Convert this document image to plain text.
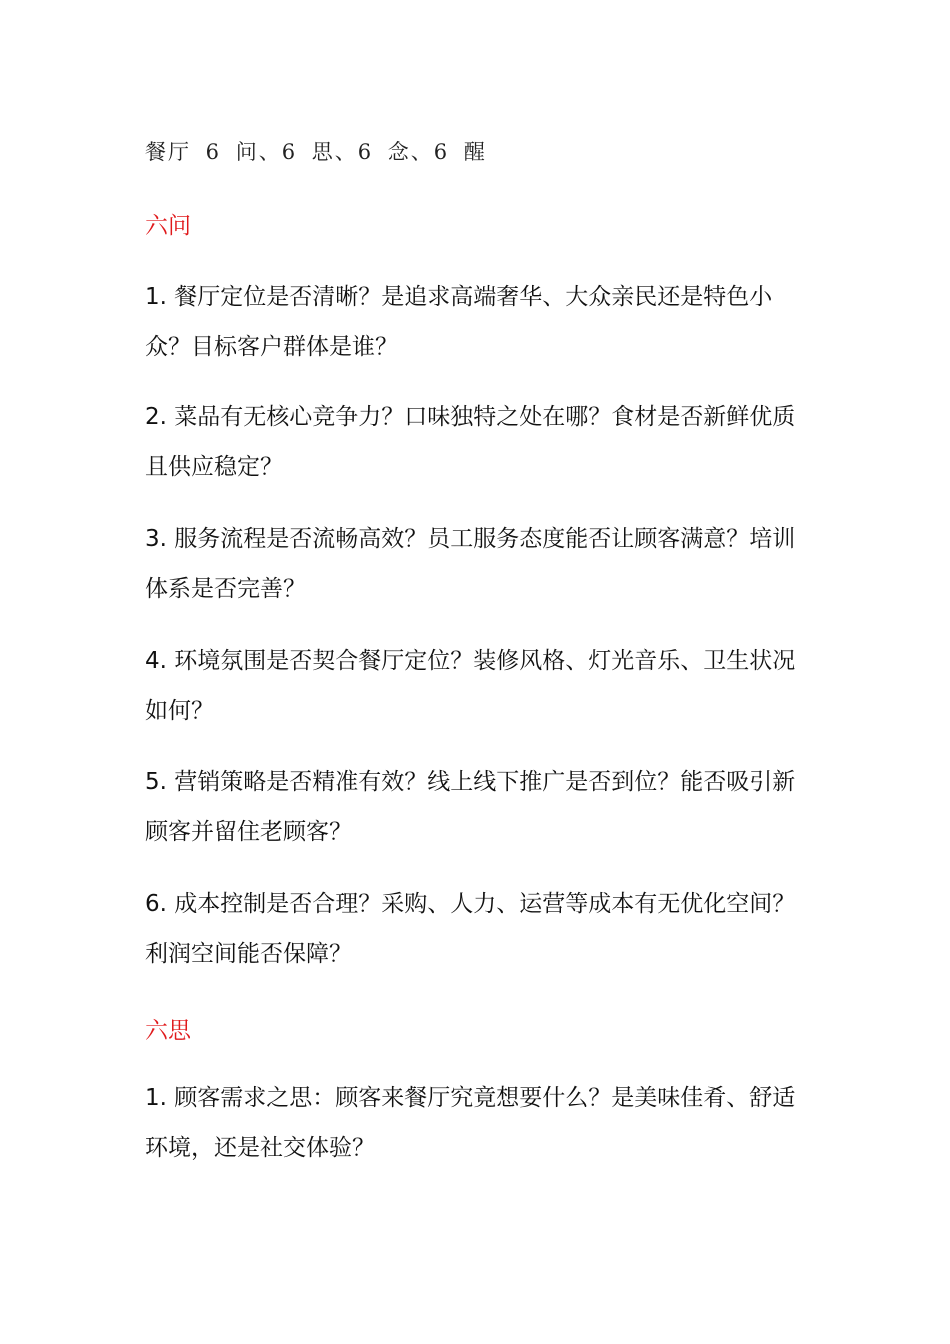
餐厅 6 问、6 思、6 念、6 醒
六问

1. 餐厅定位是否清晰？是追求高端奢华、大众亲民还是特色小众？目标客户群体是谁？

2. 菜品有无核心竞争力？口味独特之处在哪？食材是否新鲜优质且供应稳定？

3. 服务流程是否流畅高效？员工服务态度能否让顾客满意？培训体系是否完善？

4. 环境氛围是否契合餐厅定位？装修风格、灯光音乐、卫生状况如何？

5. 营销策略是否精准有效？线上线下推广是否到位？能否吸引新顾客并留住老顾客？

6. 成本控制是否合理？采购、人力、运营等成本有无优化空间？利润空间能否保障？

六思

1. 顾客需求之思：顾客来餐厅究竟想要什么？是美味佳肴、舒适环境，还是社交体验？
